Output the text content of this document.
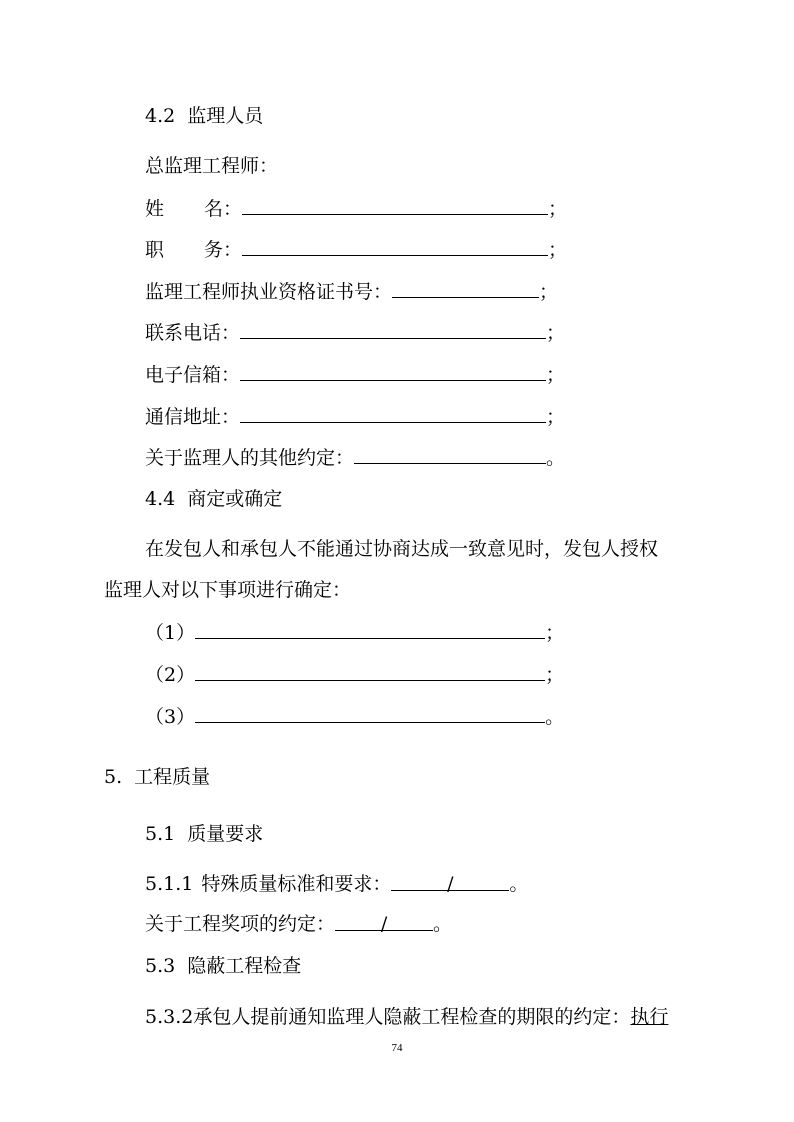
4.2 监理人员
总监理工程师：
姓 名：	；
职 务：	；
监理工程师执业资格证书号：	；
联系电话：	；
电子信箱：	；
通信地址：	；
关于监理人的其他约定：	。
4.4 商定或确定
在发包人和承包人不能通过协商达成一致意见时，发包人授权
监理人对以下事项进行确定：
（1）	；
（2）	；
（3）	。
5. 工程质量
5.1 质量要求
5.1.1 特殊质量标准和要求：	/	。
关于工程奖项的约定： / 。
5.3 隐蔽工程检查
5.3.2承包人提前通知监理人隐蔽工程检查的期限的约定：执行
74
